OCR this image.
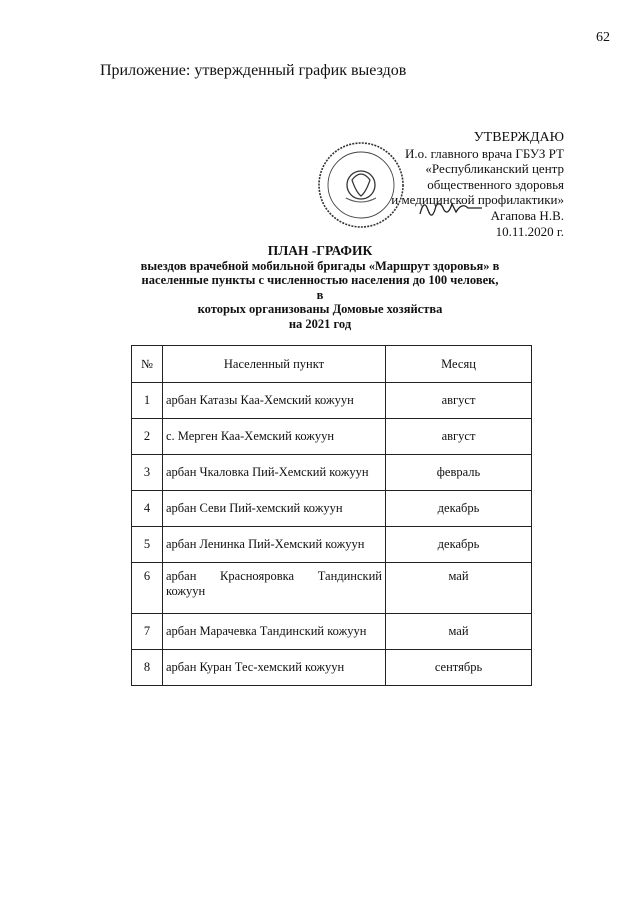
62
Приложение: утвержденный график выездов
УТВЕРЖДАЮ
И.о. главного врача ГБУЗ РТ
«Республиканский центр
общественного здоровья
и медицинской профилактики»
Агапова Н.В.
10.11.2020 г.
ПЛАН -ГРАФИК
выездов врачебной мобильной бригады «Маршрут здоровья» в
населенные пункты с численностью населения до 100 человек, в
которых организованы Домовые хозяйства
на 2021 год
№	Населенный пункт	Месяц
1	арбан Катазы Каа-Хемский кожуун	август
2	с. Мерген Каа-Хемский кожуун	август
3	арбан Чкаловка Пий-Хемский кожуун	февраль
4	арбан Севи Пий-хемский кожуун	декабрь
5	арбан Ленинка Пий-Хемский кожуун	декабрь
6	арбан Краснояровка Тандинский кожуун	май
7	арбан Марачевка Тандинский кожуун	май
8	арбан Куран Тес-хемский кожуун	сентябрь
